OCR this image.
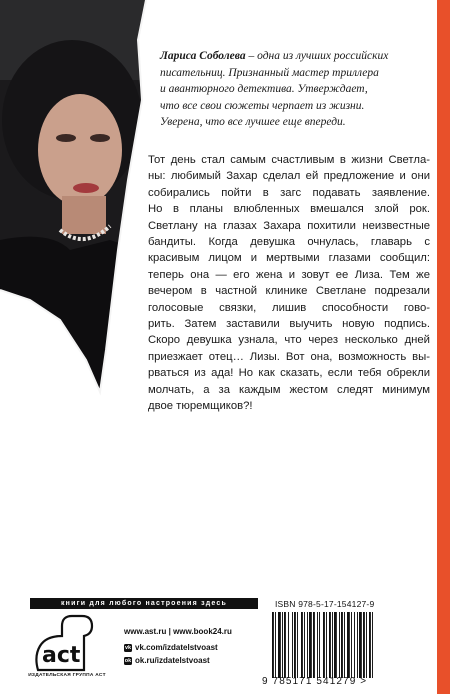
Лариса Соболева – одна из лучших российских
писательниц. Признанный мастер триллера
и авантюрного детектива. Утверждает,
что все свои сюжеты черпает из жизни.
Уверена, что все лучшее еще впереди.

Тот день стал самым счастливым в жизни Светла-
ны: любимый Захар сделал ей предложение и они
собирались пойти в загс подавать заявление.
Но в планы влюбленных вмешался злой рок.
Светлану на глазах Захара похитили неизвестные
бандиты. Когда девушка очнулась, главарь с
красивым лицом и мертвыми глазами сообщил:
теперь она — его жена и зовут ее Лиза. Тем же
вечером в частной клинике Светлане подрезали
голосовые связки, лишив способности гово-
рить. Затем заставили выучить новую подпись.
Скоро девушка узнала, что через несколько дней
приезжает отец… Лизы. Вот она, возможность вы-
рваться из ада! Но как сказать, если тебя обрекли
молчать, а за каждым жестом следят минимум
двое тюремщиков?!

книги для любого настроения здесь
act
ИЗДАТЕЛЬСКАЯ ГРУППА АСТ
www.ast.ru | www.book24.ru
vk vk.com/izdatelstvoast
ok ok.ru/izdatelstvoast
ISBN 978-5-17-154127-9
9 785171 541279 >
